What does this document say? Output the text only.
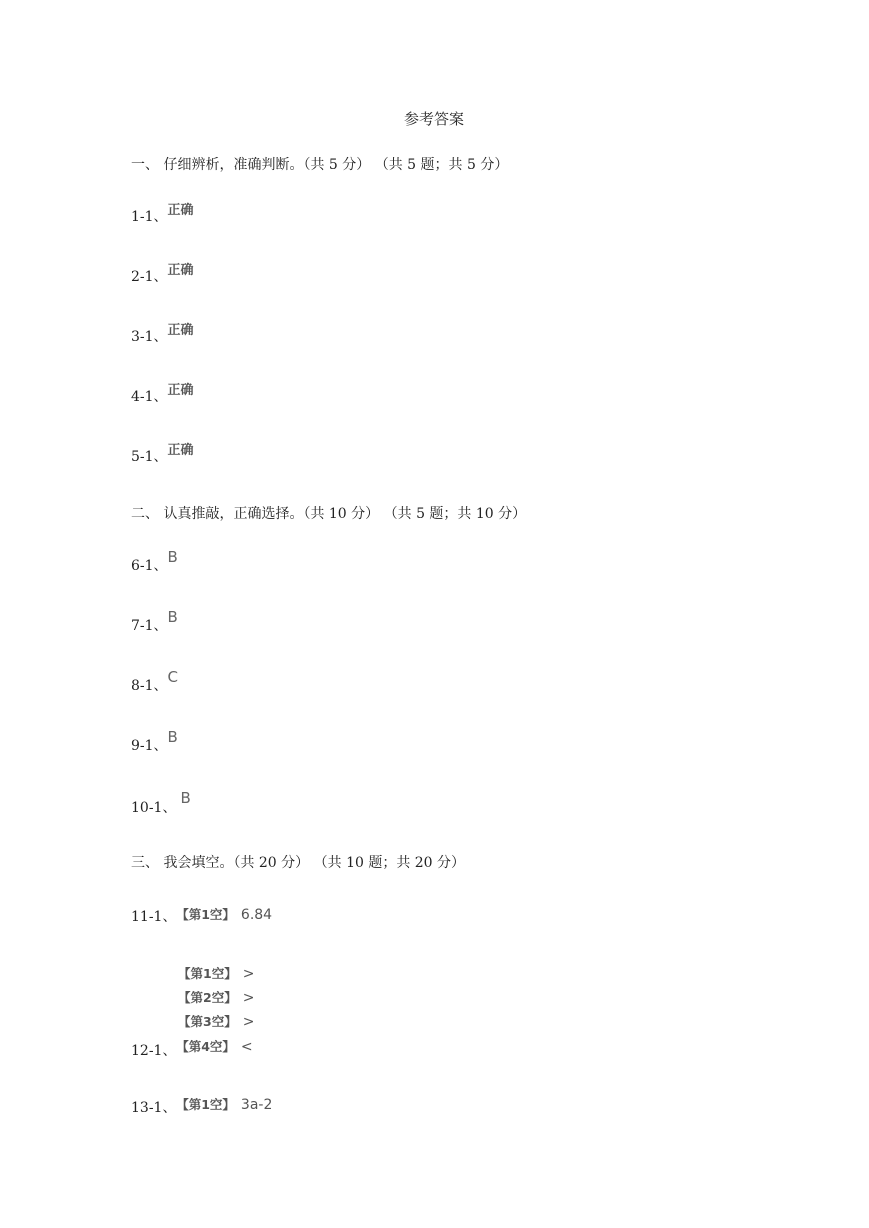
参考答案
一、 仔细辨析，准确判断。（共 5 分） （共 5 题；共 5 分）
1-1、$^{正确}$
2-1、$^{正确}$
3-1、$^{正确}$
4-1、$^{正确}$
5-1、$^{正确}$
二、 认真推敲，正确选择。（共 10 分） （共 5 题；共 10 分）
6-1、B
7-1、B
8-1、C
9-1、B
10-1、B
三、 我会填空。（共 20 分） （共 10 题；共 20 分）
11-1、 【第1空】 6.84
【第1空】 >
【第2空】 >
【第3空】 >
12-1、 $^{【第4空】 <}$
13-1、 【第1空】 3a-2
